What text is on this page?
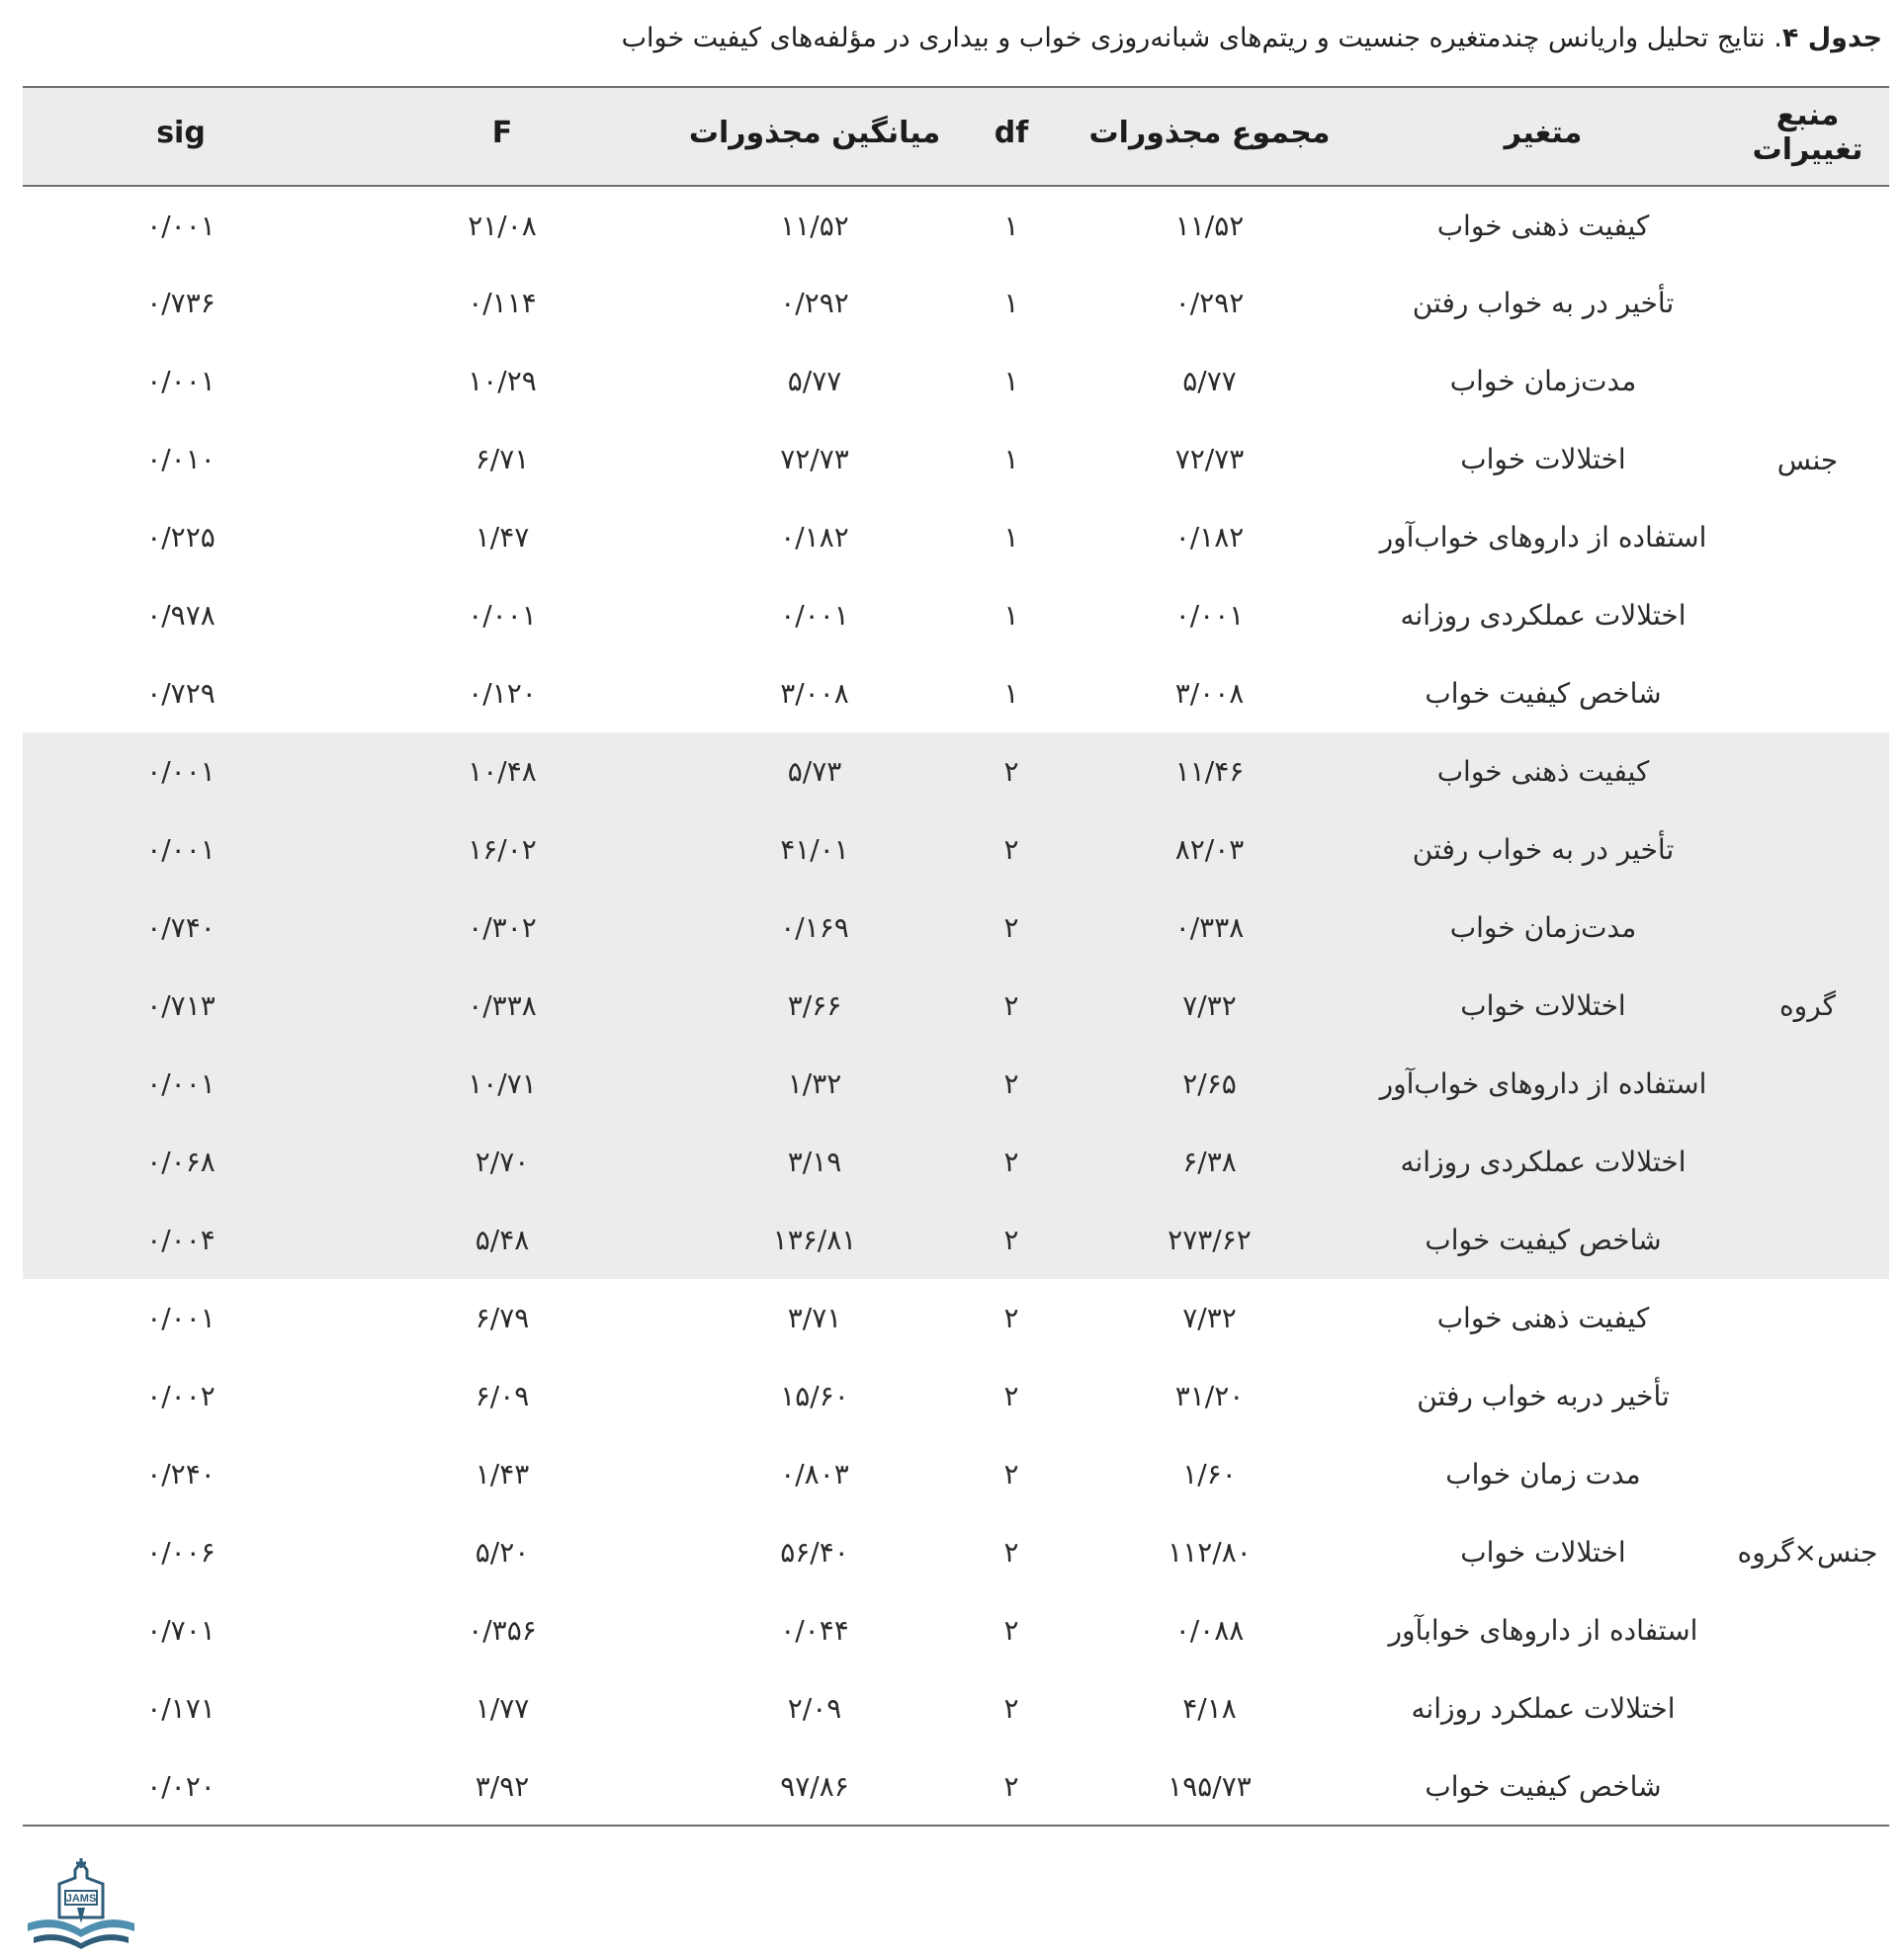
جدول ۴. نتایج تحلیل واریانس چندمتغیره جنسیت و ریتم‌های شبانه‌روزی خواب و بیداری در مؤلفه‌های کیفیت خواب
منبع تغییرات	متغیر	مجموع مجذورات	df	میانگین مجذورات	F	sig
جنس	کیفیت ذهنی خواب	۱۱/۵۲	۱	۱۱/۵۲	۲۱/۰۸	۰/۰۰۱
	تأخیر در به خواب رفتن	۰/۲۹۲	۱	۰/۲۹۲	۰/۱۱۴	۰/۷۳۶
	مدت‌زمان خواب	۵/۷۷	۱	۵/۷۷	۱۰/۲۹	۰/۰۰۱
	اختلالات خواب	۷۲/۷۳	۱	۷۲/۷۳	۶/۷۱	۰/۰۱۰
	استفاده از داروهای خواب‌آور	۰/۱۸۲	۱	۰/۱۸۲	۱/۴۷	۰/۲۲۵
	اختلالات عملکردی روزانه	۰/۰۰۱	۱	۰/۰۰۱	۰/۰۰۱	۰/۹۷۸
	شاخص کیفیت خواب	۳/۰۰۸	۱	۳/۰۰۸	۰/۱۲۰	۰/۷۲۹
گروه	کیفیت ذهنی خواب	۱۱/۴۶	۲	۵/۷۳	۱۰/۴۸	۰/۰۰۱
	تأخیر در به خواب رفتن	۸۲/۰۳	۲	۴۱/۰۱	۱۶/۰۲	۰/۰۰۱
	مدت‌زمان خواب	۰/۳۳۸	۲	۰/۱۶۹	۰/۳۰۲	۰/۷۴۰
	اختلالات خواب	۷/۳۲	۲	۳/۶۶	۰/۳۳۸	۰/۷۱۳
	استفاده از داروهای خواب‌آور	۲/۶۵	۲	۱/۳۲	۱۰/۷۱	۰/۰۰۱
	اختلالات عملکردی روزانه	۶/۳۸	۲	۳/۱۹	۲/۷۰	۰/۰۶۸
	شاخص کیفیت خواب	۲۷۳/۶۲	۲	۱۳۶/۸۱	۵/۴۸	۰/۰۰۴
جنس×گروه	کیفیت ذهنی خواب	۷/۳۲	۲	۳/۷۱	۶/۷۹	۰/۰۰۱
	تأخیر دربه خواب رفتن	۳۱/۲۰	۲	۱۵/۶۰	۶/۰۹	۰/۰۰۲
	مدت زمان خواب	۱/۶۰	۲	۰/۸۰۳	۱/۴۳	۰/۲۴۰
	اختلالات خواب	۱۱۲/۸۰	۲	۵۶/۴۰	۵/۲۰	۰/۰۰۶
	استفاده از داروهای خوابآور	۰/۰۸۸	۲	۰/۰۴۴	۰/۳۵۶	۰/۷۰۱
	اختلالات عملکرد روزانه	۴/۱۸	۲	۲/۰۹	۱/۷۷	۰/۱۷۱
	شاخص کیفیت خواب	۱۹۵/۷۳	۲	۹۷/۸۶	۳/۹۲	۰/۰۲۰
JAMS
